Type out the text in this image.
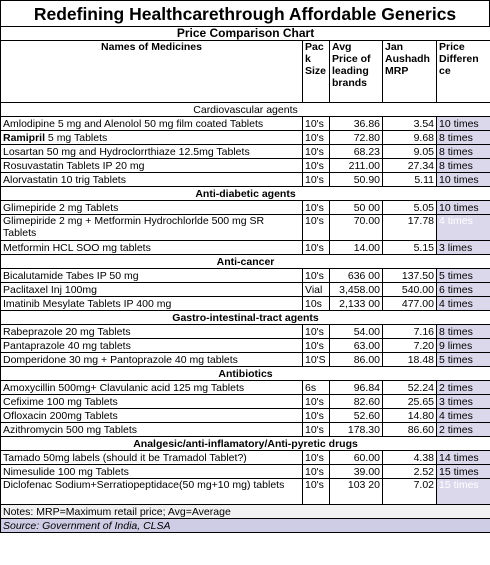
Redefining Healthcarethrough Affordable Generics
Price Comparison Chart				
Names of Medicines	Pac k Size	Avg Price of leading brands	Jan Aushadh MRP	Price Differen ce
Cardiovascular agents				
Amlodipine 5 mg and Alenolol 50 mg film coated Tablets	10's	36.86	3.54	10 times
Ramipril 5 mg Tablets	10's	72.80	9.68	8 times
Losartan 50 mg and Hydroclorrthiaze 12.5mg Tablets	10's	68.23	9.05	8 times
Rosuvastatin Tablets IP 20 mg	10's	211.00	27.34	8 times
Alorvastatin 10 trig Tablets	10's	50.90	5.11	10 times
Anti-diabetic agents				
Glimepiride 2 mg Tablets	10's	50 00	5.05	10 times
Glimepiride 2 mg + Metformin Hydrochlorlde 500 mg SR Tablets	10's	70.00	17.78	4 times
Metformin HCL SOO mg tablets	10's	14.00	5.15	3 limes
Anti-cancer				
Bicalutamide Tabes IP 50 mg	10's	636 00	137.50	5 times
Paclitaxel Inj 100mg	Vial	3,458.00	540.00	6 times
Imatinib Mesylate Tablets IP 400 mg	10s	2,133 00	477.00	4 times
Gastro-intestinal-tract agents				
Rabeprazole 20 mg Tablets	10's	54.00	7.16	8 times
Pantaprazole 40 mg tablets	10's	63.00	7.20	9 limes
Domperidone 30 mg + Pantoprazole 40 mg tablets	10'S	86.00	18.48	5 times
Antibiotics				
Amoxycillin 500mg+ Clavulanic acid 125 mg Tablets	6s	96.84	52.24	2 times
Cefixime 100 mg Tablets	10's	82.60	25.65	3 times
Ofloxacin 200mg Tablets	10's	52.60	14.80	4 times
Azithromycin 500 mg Tablets	10's	178.30	86.60	2 times
Analgesic/anti-inflamatory/Anti-pyretic drugs				
Tamado 50mg labels (should it be Tramadol Tablet?)	10's	60.00	4.38	14 times
Nimesulide 100 mg Tablets	10's	39.00	2.52	15 times
Diclofenac Sodium+Serratiopeptidace(50 mg+10 mg) tablets	10's	103 20	7.02	15 times
Notes: MRP=Maximum retail price; Avg=Average				
Source: Government of India, CLSA				
